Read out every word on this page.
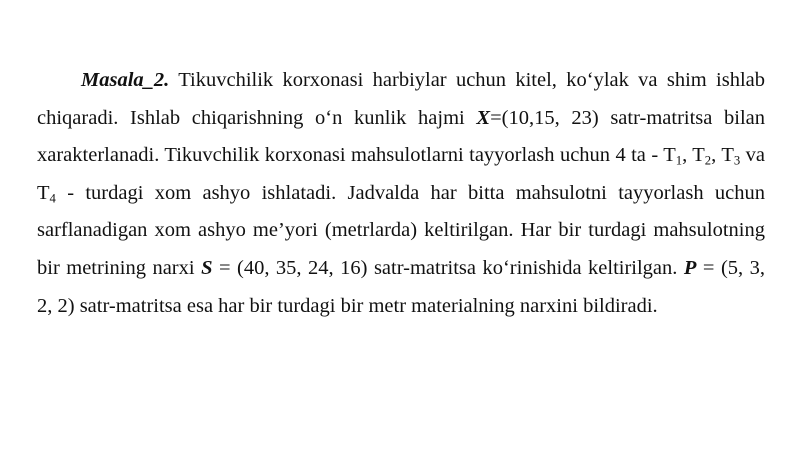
Masala_2. Tikuvchilik korxonasi harbiylar uchun kitel, ko‘ylak va shim ishlab chiqaradi. Ishlab chiqarishning o‘n kunlik hajmi X=(10,15, 23) satr-matritsa bilan xarakterlanadi. Tikuvchilik korxonasi mahsulotlarni tayyorlash uchun 4 ta - $T_1$, $T_2$, $T_3$ va $T_4$ - turdagi xom ashyo ishlatadi. Jadvalda har bitta mahsulotni tayyorlash uchun sarflanadigan xom ashyo me’yori (metrlarda) keltirilgan. Har bir turdagi mahsulotning bir metrining narxi S = (40, 35, 24, 16) satr-matritsa ko‘rinishida keltirilgan. P = (5, 3, 2, 2) satr-matritsa esa har bir turdagi bir metr materialning narxini bildiradi.
